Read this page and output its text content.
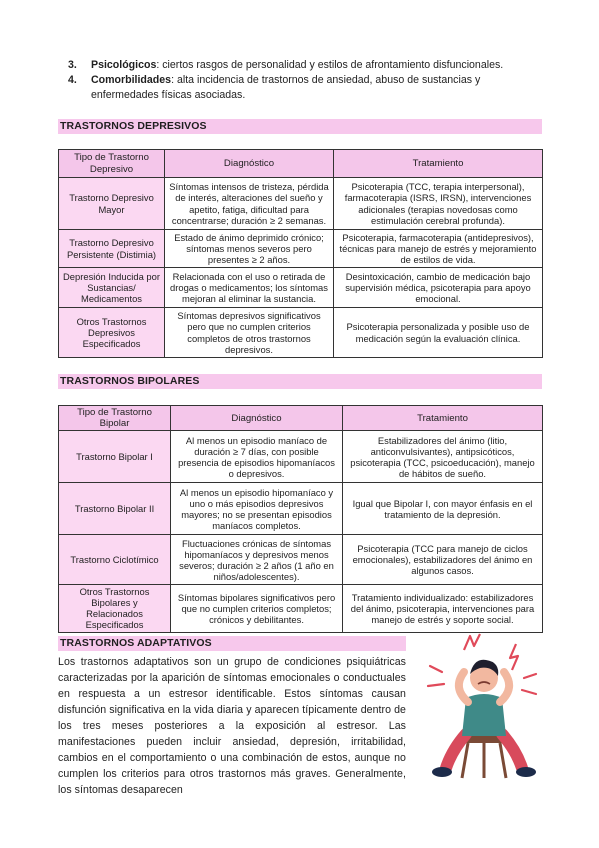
3. Psicológicos: ciertos rasgos de personalidad y estilos de afrontamiento disfuncionales.
4. Comorbilidades: alta incidencia de trastornos de ansiedad, abuso de sustancias y enfermedades físicas asociadas.
TRASTORNOS DEPRESIVOS
Tipo de Trastorno Depresivo	Diagnóstico	Tratamiento
Trastorno Depresivo Mayor	Síntomas intensos de tristeza, pérdida de interés, alteraciones del sueño y apetito, fatiga, dificultad para concentrarse; duración ≥ 2 semanas.	Psicoterapia (TCC, terapia interpersonal), farmacoterapia (ISRS, IRSN), intervenciones adicionales (terapias novedosas como estimulación cerebral profunda).
Trastorno Depresivo Persistente (Distimia)	Estado de ánimo deprimido crónico; síntomas menos severos pero presentes ≥ 2 años.	Psicoterapia, farmacoterapia (antidepresivos), técnicas para manejo de estrés y mejoramiento de estilos de vida.
Depresión Inducida por Sustancias/ Medicamentos	Relacionada con el uso o retirada de drogas o medicamentos; los síntomas mejoran al eliminar la sustancia.	Desintoxicación, cambio de medicación bajo supervisión médica, psicoterapia para apoyo emocional.
Otros Trastornos Depresivos Especificados	Síntomas depresivos significativos pero que no cumplen criterios completos de otros trastornos depresivos.	Psicoterapia personalizada y posible uso de medicación según la evaluación clínica.
TRASTORNOS BIPOLARES
Tipo de Trastorno Bipolar	Diagnóstico	Tratamiento
Trastorno Bipolar I	Al menos un episodio maníaco de duración ≥ 7 días, con posible presencia de episodios hipomaníacos o depresivos.	Estabilizadores del ánimo (litio, anticonvulsivantes), antipsicóticos, psicoterapia (TCC, psicoeducación), manejo de hábitos de sueño.
Trastorno Bipolar II	Al menos un episodio hipomaníaco y uno o más episodios depresivos mayores; no se presentan episodios maníacos completos.	Igual que Bipolar I, con mayor énfasis en el tratamiento de la depresión.
Trastorno Ciclotímico	Fluctuaciones crónicas de síntomas hipomaníacos y depresivos menos severos; duración ≥ 2 años (1 año en niños/adolescentes).	Psicoterapia (TCC para manejo de ciclos emocionales), estabilizadores del ánimo en algunos casos.
Otros Trastornos Bipolares y Relacionados Especificados	Síntomas bipolares significativos pero que no cumplen criterios completos; crónicos y debilitantes.	Tratamiento individualizado: estabilizadores del ánimo, psicoterapia, intervenciones para manejo de estrés y soporte social.
TRASTORNOS ADAPTATIVOS

Los trastornos adaptativos son un grupo de condiciones psiquiátricas caracterizadas por la aparición de síntomas emocionales o conductuales en respuesta a un estresor identificable. Estos síntomas causan disfunción significativa en la vida diaria y aparecen típicamente dentro de los tres meses posteriores a la exposición al estresor. Las manifestaciones pueden incluir ansiedad, depresión, irritabilidad, cambios en el comportamiento o una combinación de estos, aunque no cumplen los criterios para otros trastornos más graves. Generalmente, los síntomas desaparecen
